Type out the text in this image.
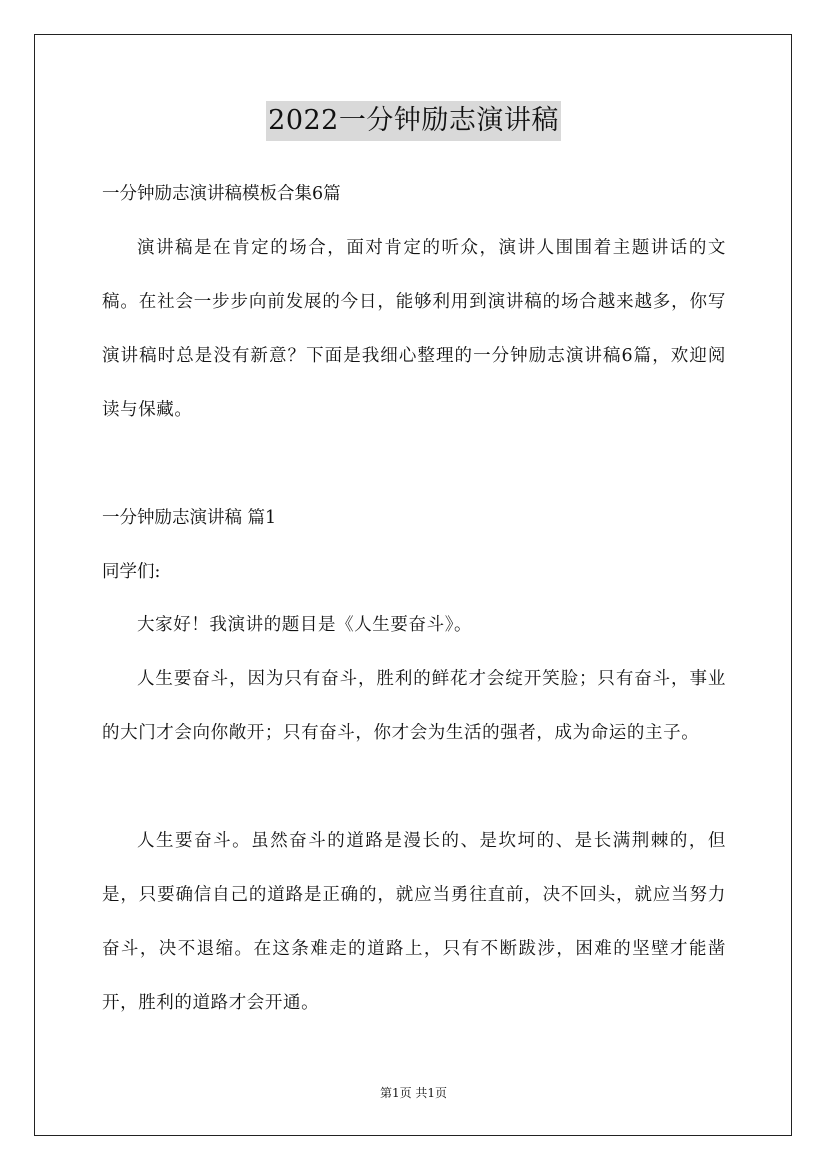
2022一分钟励志演讲稿

一分钟励志演讲稿模板合集6篇

演讲稿是在肯定的场合，面对肯定的听众，演讲人围围着主题讲话的文稿。在社会一步步向前发展的今日，能够利用到演讲稿的场合越来越多，你写演讲稿时总是没有新意？下面是我细心整理的一分钟励志演讲稿6篇，欢迎阅读与保藏。

一分钟励志演讲稿 篇1

同学们:

大家好！我演讲的题目是《人生要奋斗》。

人生要奋斗，因为只有奋斗，胜利的鲜花才会绽开笑脸；只有奋斗，事业的大门才会向你敞开；只有奋斗，你才会为生活的强者，成为命运的主子。

人生要奋斗。虽然奋斗的道路是漫长的、是坎坷的、是长满荆棘的，但是，只要确信自己的道路是正确的，就应当勇往直前，决不回头，就应当努力奋斗，决不退缩。在这条难走的道路上，只有不断跋涉，困难的坚壁才能凿开，胜利的道路才会开通。

第1页 共1页
